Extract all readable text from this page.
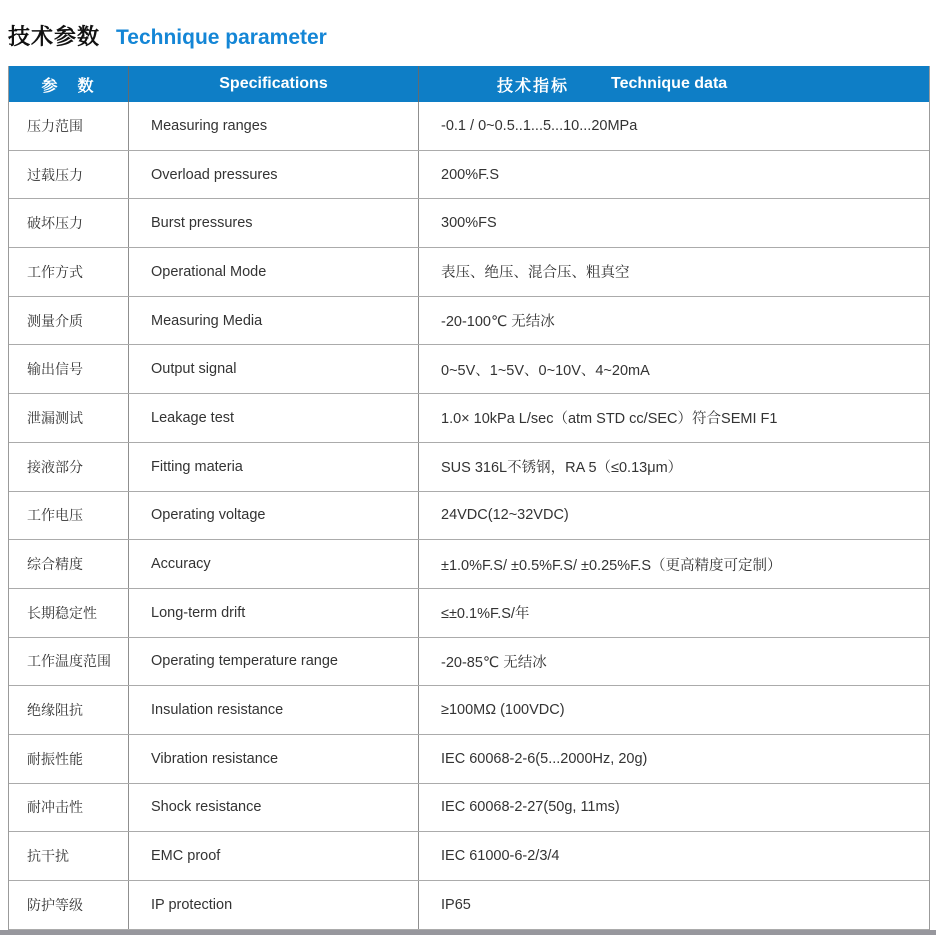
技术参数 Technique parameter
参　数	Specifications	技术指标	Technique data
压力范围	Measuring ranges	-0.1 / 0~0.5..1...5...10...20MPa
过载压力	Overload pressures	200%F.S
破坏压力	Burst pressures	300%FS
工作方式	Operational Mode	表压、绝压、混合压、粗真空
测量介质	Measuring Media	-20-100℃ 无结冰
输出信号	Output signal	0~5V、1~5V、0~10V、4~20mA
泄漏测试	Leakage test	1.0× 10kPa L/sec（atm STD cc/SEC）符合SEMI F1
接液部分	Fitting materia	SUS 316L不锈钢，RA 5（≤0.13μm）
工作电压	Operating voltage	24VDC(12~32VDC)
综合精度	Accuracy	±1.0%F.S/ ±0.5%F.S/ ±0.25%F.S（更高精度可定制）
长期稳定性	Long-term drift	≤±0.1%F.S/年
工作温度范围	Operating temperature range	-20-85℃ 无结冰
绝缘阻抗	Insulation resistance	≥100MΩ (100VDC)
耐振性能	Vibration resistance	IEC 60068-2-6(5...2000Hz, 20g)
耐冲击性	Shock resistance	IEC 60068-2-27(50g, 11ms)
抗干扰	EMC proof	IEC 61000-6-2/3/4
防护等级	IP protection	IP65
